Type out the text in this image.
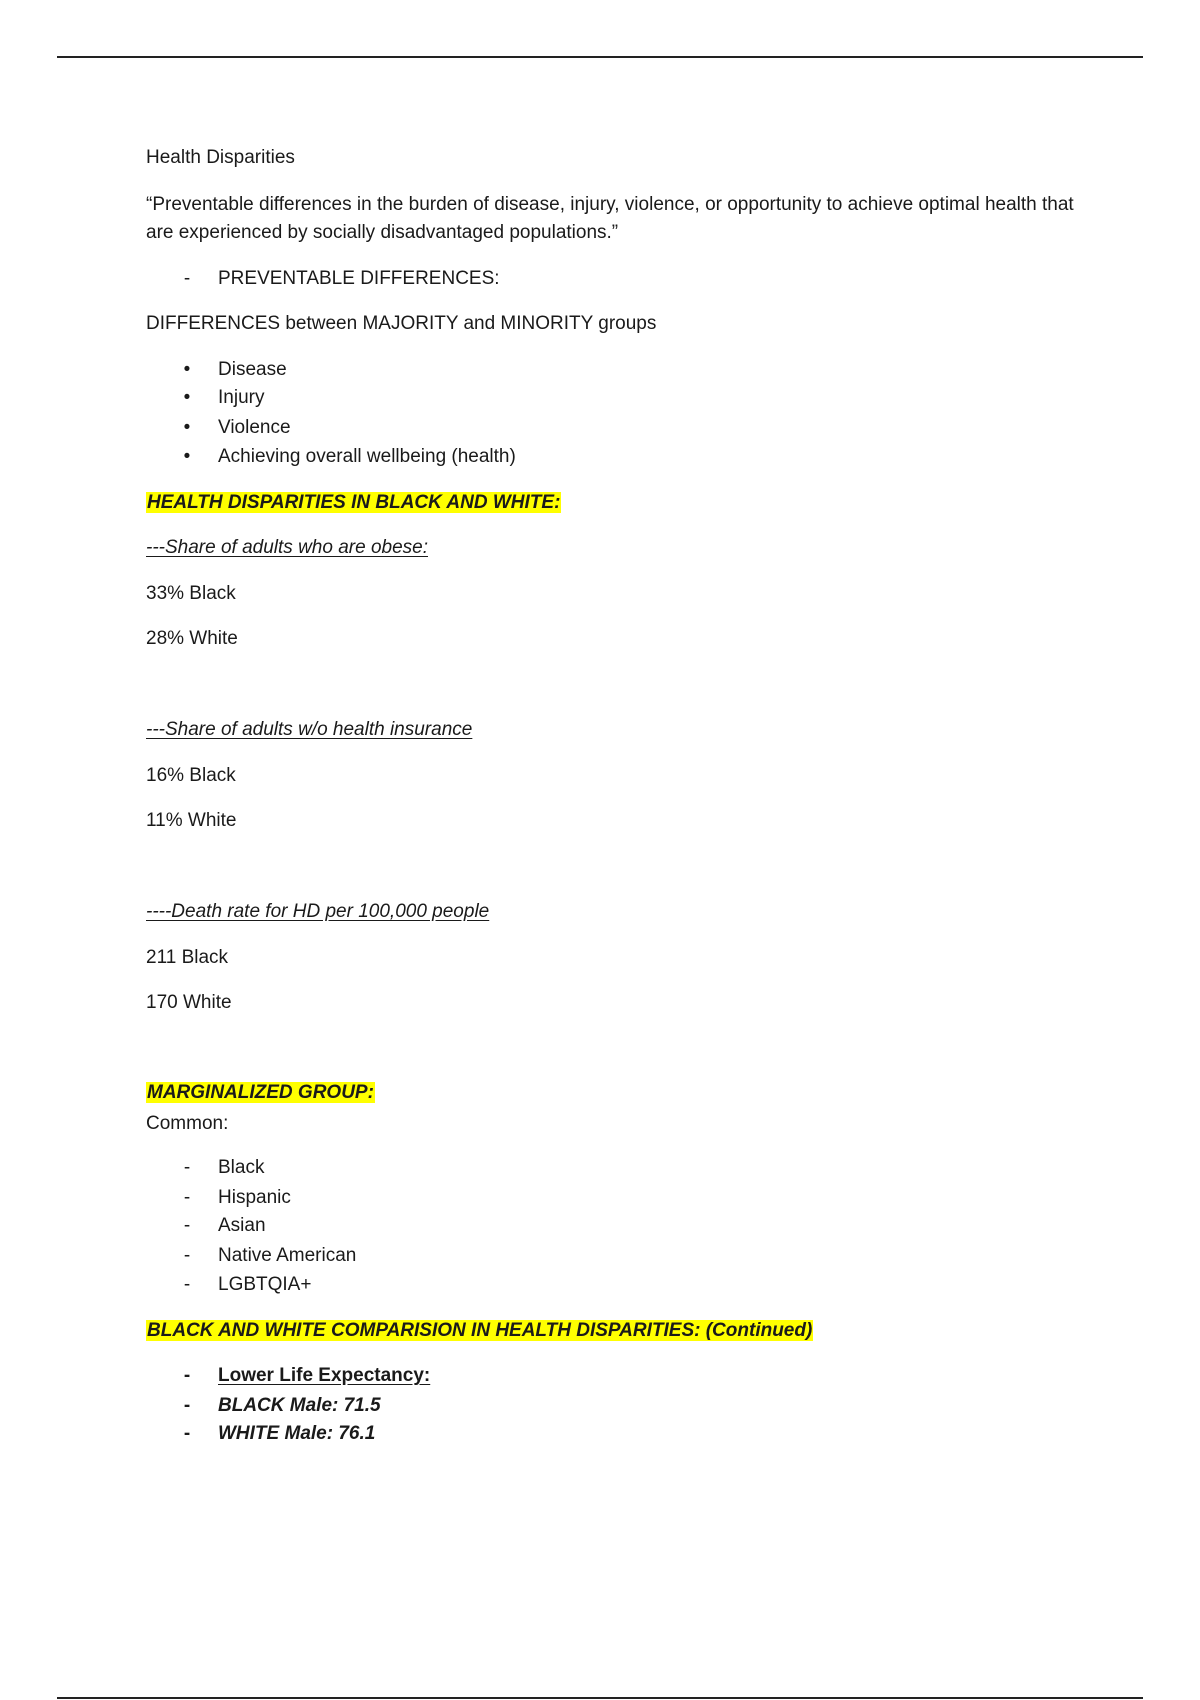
Health Disparities

“Preventable differences in the burden of disease, injury, violence, or opportunity to achieve optimal health that are experienced by socially disadvantaged populations.”

- PREVENTABLE DIFFERENCES:

DIFFERENCES between MAJORITY and MINORITY groups

• Disease
• Injury
• Violence
• Achieving overall wellbeing (health)

HEALTH DISPARITIES IN BLACK AND WHITE:

---Share of adults who are obese:

33% Black

28% White

---Share of adults w/o health insurance

16% Black

11% White

----Death rate for HD per 100,000 people

211 Black

170 White

MARGINALIZED GROUP:

Common:

- Black
- Hispanic
- Asian
- Native American
- LGBTQIA+

BLACK AND WHITE COMPARISION IN HEALTH DISPARITIES: (Continued)

- Lower Life Expectancy:
- BLACK Male: 71.5
- WHITE Male: 76.1
